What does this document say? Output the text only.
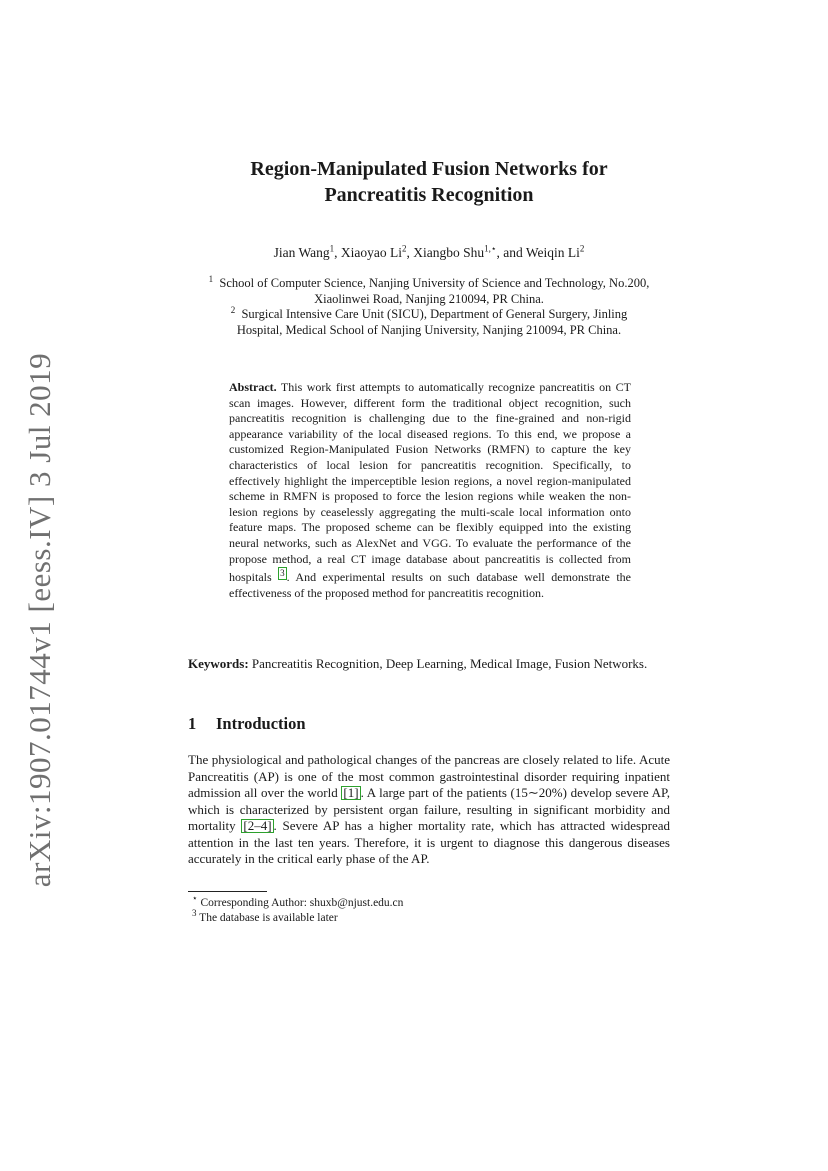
arXiv:1907.01744v1 [eess.IV] 3 Jul 2019
Region-Manipulated Fusion Networks for
Pancreatitis Recognition
Jian Wang$^1$, Xiaoyao Li$^2$, Xiangbo Shu$^{1,⋆}$, and Weiqin Li$^2$
$^1$ School of Computer Science, Nanjing University of Science and Technology, No.200,
Xiaolinwei Road, Nanjing 210094, PR China.
$^2$ Surgical Intensive Care Unit (SICU), Department of General Surgery, Jinling
Hospital, Medical School of Nanjing University, Nanjing 210094, PR China.
Abstract. This work first attempts to automatically recognize pancreatitis on CT scan images. However, different form the traditional object recognition, such pancreatitis recognition is challenging due to the fine-grained and non-rigid appearance variability of the local diseased regions. To this end, we propose a customized Region-Manipulated Fusion Networks (RMFN) to capture the key characteristics of local lesion for pancreatitis recognition. Specifically, to effectively highlight the imperceptible lesion regions, a novel region-manipulated scheme in RMFN is proposed to force the lesion regions while weaken the non-lesion regions by ceaselessly aggregating the multi-scale local information onto feature maps. The proposed scheme can be flexibly equipped into the existing neural networks, such as AlexNet and VGG. To evaluate the performance of the propose method, a real CT image database about pancreatitis is collected from hospitals 3 . And experimental results on such database well demonstrate the effectiveness of the proposed method for pancreatitis recognition.
Keywords: Pancreatitis Recognition, Deep Learning, Medical Image, Fusion Networks.
1 Introduction
The physiological and pathological changes of the pancreas are closely related to life. Acute Pancreatitis (AP) is one of the most common gastrointestinal disorder requiring inpatient admission all over the world [1] . A large part of the patients (15∼20%) develop severe AP, which is characterized by persistent organ failure, resulting in significant morbidity and mortality [2–4] . Severe AP has a higher mortality rate, which has attracted widespread attention in the last ten years. Therefore, it is urgent to diagnose this dangerous diseases accurately in the critical early phase of the AP.
⋆ Corresponding Author: shuxb@njust.edu.cn
$^3$ The database is available later
